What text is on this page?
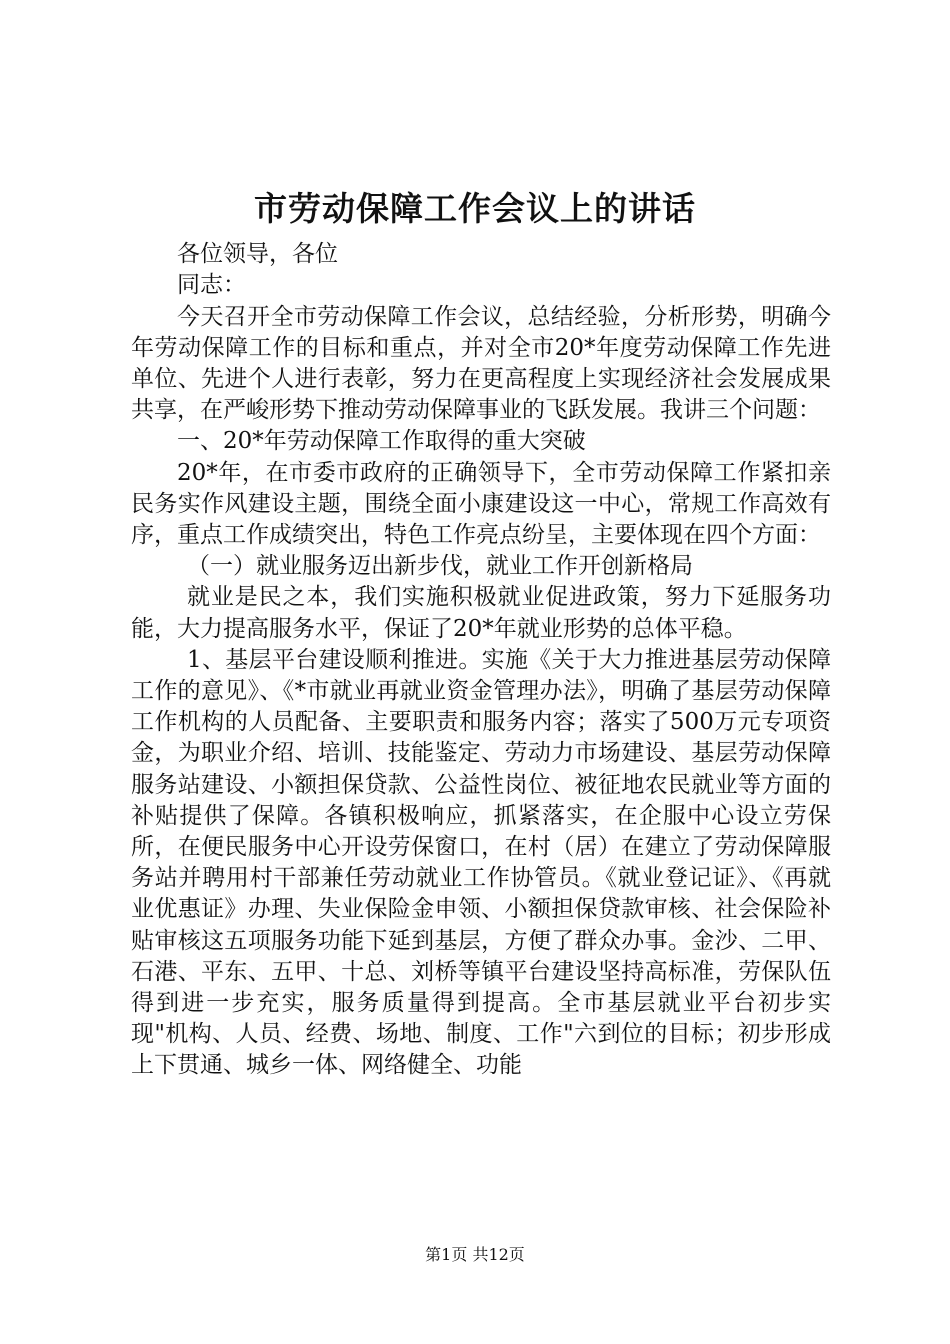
市劳动保障工作会议上的讲话
各位领导，各位
同志：

今天召开全市劳动保障工作会议，总结经验，分析形势，明确今年劳动保障工作的目标和重点，并对全市20*年度劳动保障工作先进单位、先进个人进行表彰，努力在更高程度上实现经济社会发展成果共享，在严峻形势下推动劳动保障事业的飞跃发展。我讲三个问题：

一、20*年劳动保障工作取得的重大突破

20*年，在市委市政府的正确领导下，全市劳动保障工作紧扣亲民务实作风建设主题，围绕全面小康建设这一中心，常规工作高效有序，重点工作成绩突出，特色工作亮点纷呈，主要体现在四个方面：

（一）就业服务迈出新步伐，就业工作开创新格局

就业是民之本，我们实施积极就业促进政策，努力下延服务功能，大力提高服务水平，保证了20*年就业形势的总体平稳。

1、基层平台建设顺利推进。实施《关于大力推进基层劳动保障工作的意见》、《*市就业再就业资金管理办法》，明确了基层劳动保障工作机构的人员配备、主要职责和服务内容；落实了500万元专项资金，为职业介绍、培训、技能鉴定、劳动力市场建设、基层劳动保障服务站建设、小额担保贷款、公益性岗位、被征地农民就业等方面的补贴提供了保障。各镇积极响应，抓紧落实，在企服中心设立劳保所，在便民服务中心开设劳保窗口，在村（居）在建立了劳动保障服务站并聘用村干部兼任劳动就业工作协管员。《就业登记证》、《再就业优惠证》办理、失业保险金申领、小额担保贷款审核、社会保险补贴审核这五项服务功能下延到基层，方便了群众办事。金沙、二甲、石港、平东、五甲、十总、刘桥等镇平台建设坚持高标准，劳保队伍得到进一步充实，服务质量得到提高。全市基层就业平台初步实现"机构、人员、经费、场地、制度、工作"六到位的目标；初步形成上下贯通、城乡一体、网络健全、功能

第1页 共12页
